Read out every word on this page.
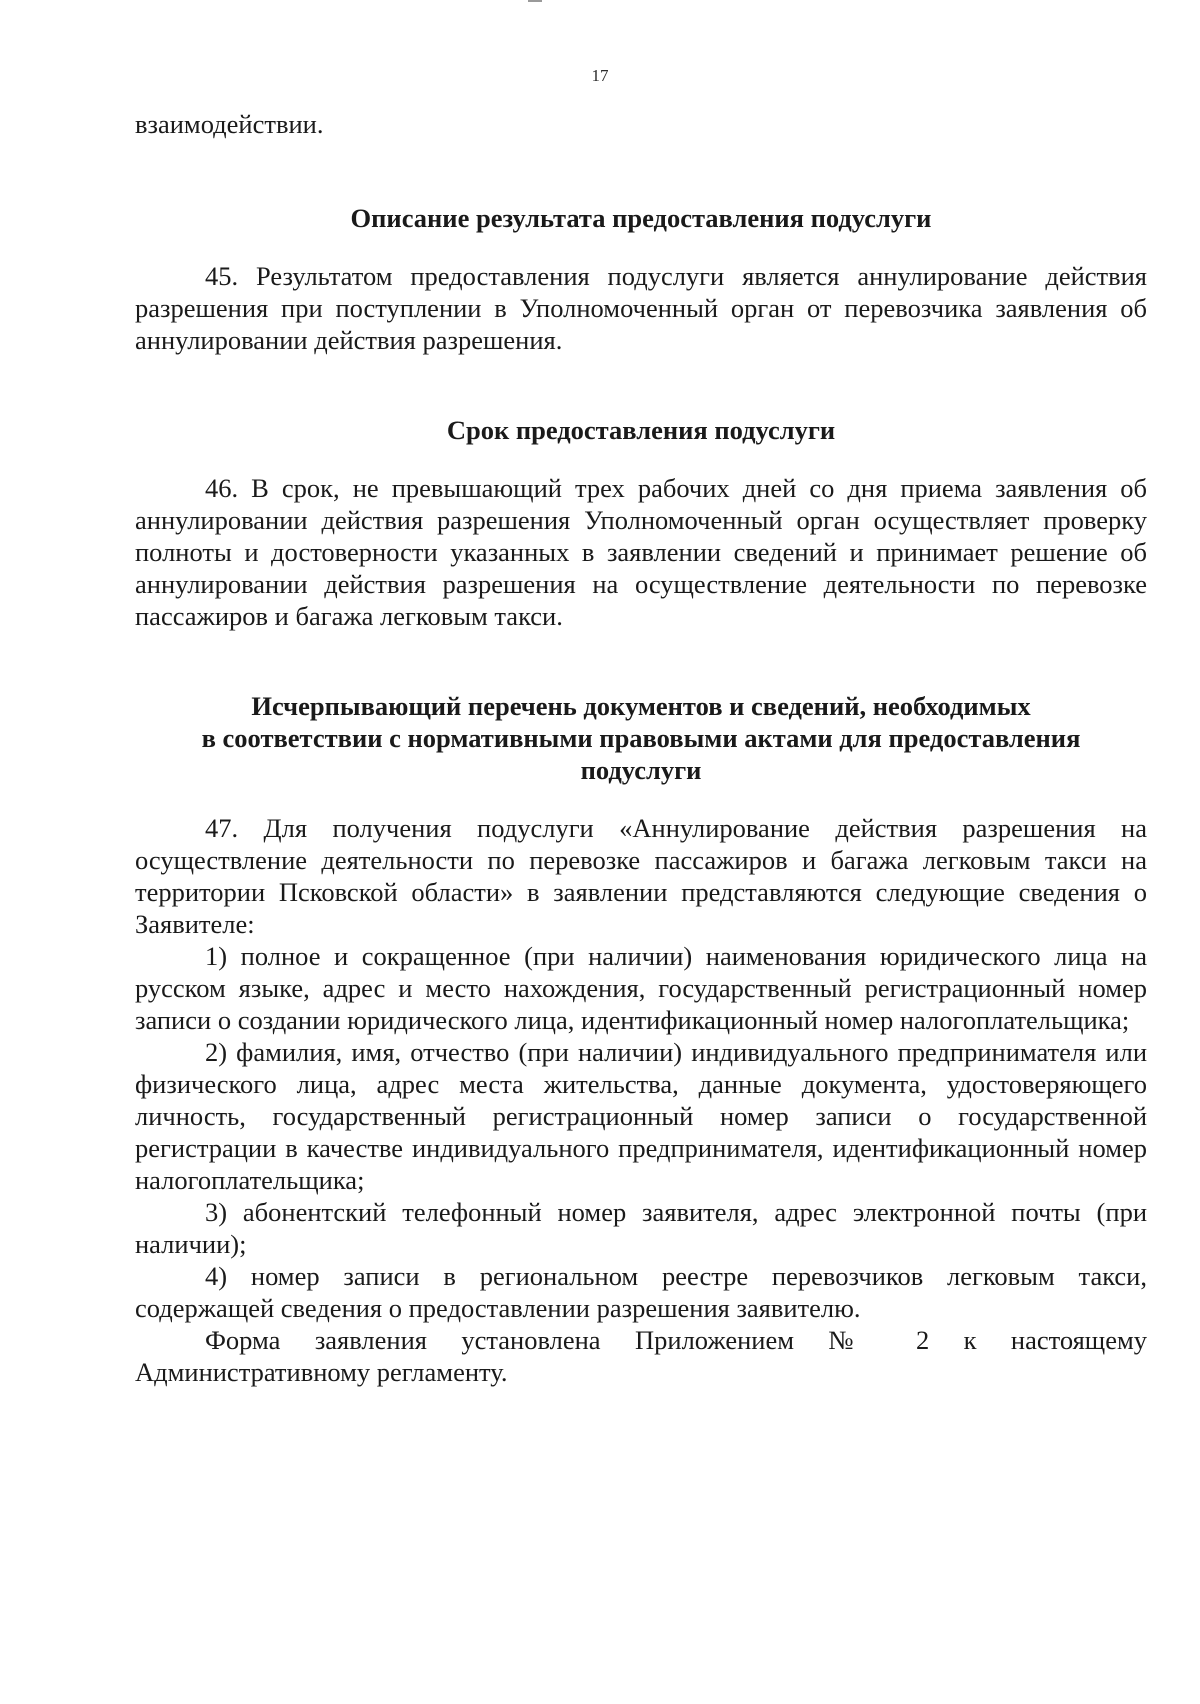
17

взаимодействии.

Описание результата предоставления подуслуги

45. Результатом предоставления подуслуги является аннулирование действия разрешения при поступлении в Уполномоченный орган от перевозчика заявления об аннулировании действия разрешения.

Срок предоставления подуслуги

46. В срок, не превышающий трех рабочих дней со дня приема заявления об аннулировании действия разрешения Уполномоченный орган осуществляет проверку полноты и достоверности указанных в заявлении сведений и принимает решение об аннулировании действия разрешения на осуществление деятельности по перевозке пассажиров и багажа легковым такси.

Исчерпывающий перечень документов и сведений, необходимых
в соответствии с нормативными правовыми актами для предоставления
подуслуги

47. Для получения подуслуги «Аннулирование действия разрешения на осуществление деятельности по перевозке пассажиров и багажа легковым такси на территории Псковской области» в заявлении представляются следующие сведения о Заявителе:

1) полное и сокращенное (при наличии) наименования юридического лица на русском языке, адрес и место нахождения, государственный регистрационный номер записи о создании юридического лица, идентификационный номер налогоплательщика;

2) фамилия, имя, отчество (при наличии) индивидуального предпринимателя или физического лица, адрес места жительства, данные документа, удостоверяющего личность, государственный регистрационный номер записи о государственной регистрации в качестве индивидуального предпринимателя, идентификационный номер налогоплательщика;

3) абонентский телефонный номер заявителя, адрес электронной почты (при наличии);

4) номер записи в региональном реестре перевозчиков легковым такси, содержащей сведения о предоставлении разрешения заявителю.

Форма заявления установлена Приложением № 2 к настоящему Административному регламенту.
